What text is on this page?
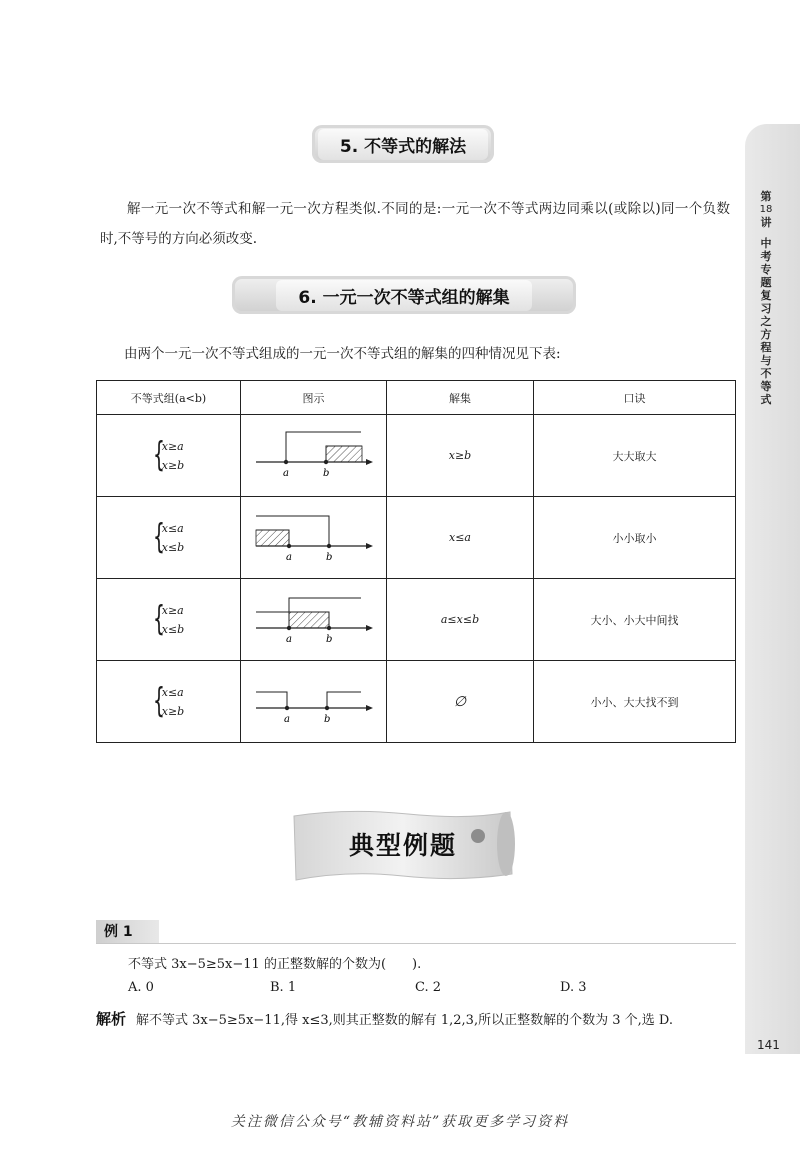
第
18
讲
中考专题复习之方程与不等式
141
5. 不等式的解法
解一元一次不等式和解一元一次方程类似.不同的是:一元一次不等式两边同乘以(或除以)同一个负数时,不等号的方向必须改变.
6. 一元一次不等式组的解集
由两个一元一次不等式组成的一元一次不等式组的解集的四种情况见下表:
不等式组(a<b)	图示	解集	口诀

{
x≥a
x≥b	a b	x≥b	大大取大

{
x≤a
x≤b	a b	x≤a	小小取小

{
x≥a
x≤b	a b	a≤x≤b	大小、小大中间找

{
x≤a
x≥b	a b	∅	小小、大大找不到
典型例题
例 1
不等式 3x−5≥5x−11 的正整数解的个数为(　　).
A. 0	B. 1	C. 2	D. 3
解析 解不等式 3x−5≥5x−11,得 x≤3,则其正整数的解有 1,2,3,所以正整数解的个数为 3 个,选 D.
关注微信公众号“教辅资料站”获取更多学习资料
